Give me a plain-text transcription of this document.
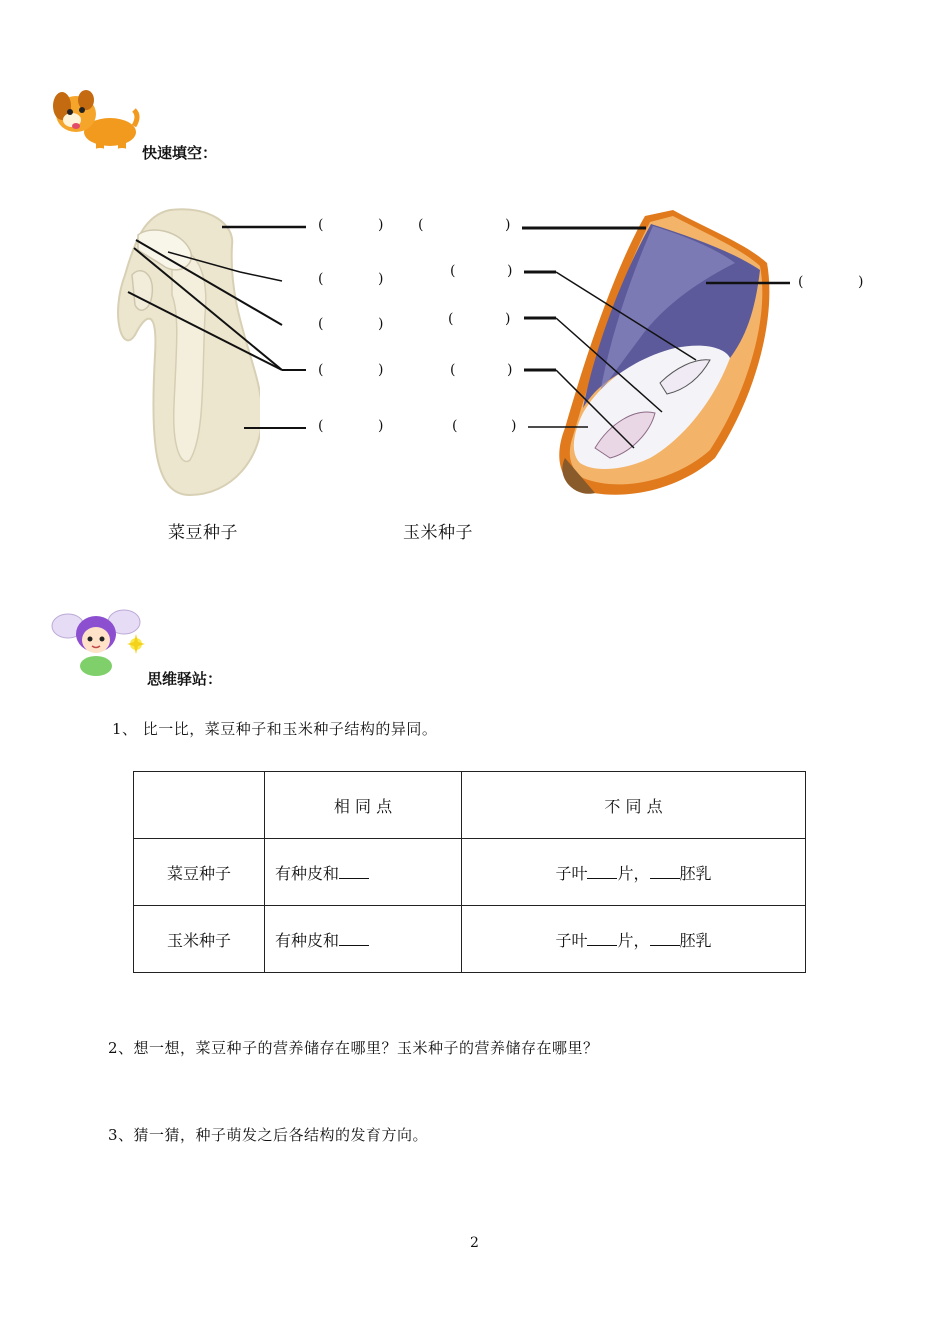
快速填空：
(	)
(	)
(	)
(	)
(	)
(	)
(	)
(	)
(	)
(	)
(	)
菜豆种子	玉米种子
思维驿站：
1、 比一比，菜豆种子和玉米种子结构的异同。
	相 同 点	不 同 点
菜豆种子	有种皮和	子叶 片， 胚乳
玉米种子	有种皮和	子叶 片， 胚乳
2、想一想，菜豆种子的营养储存在哪里？玉米种子的营养储存在哪里？
3、猜一猜，种子萌发之后各结构的发育方向。
2
